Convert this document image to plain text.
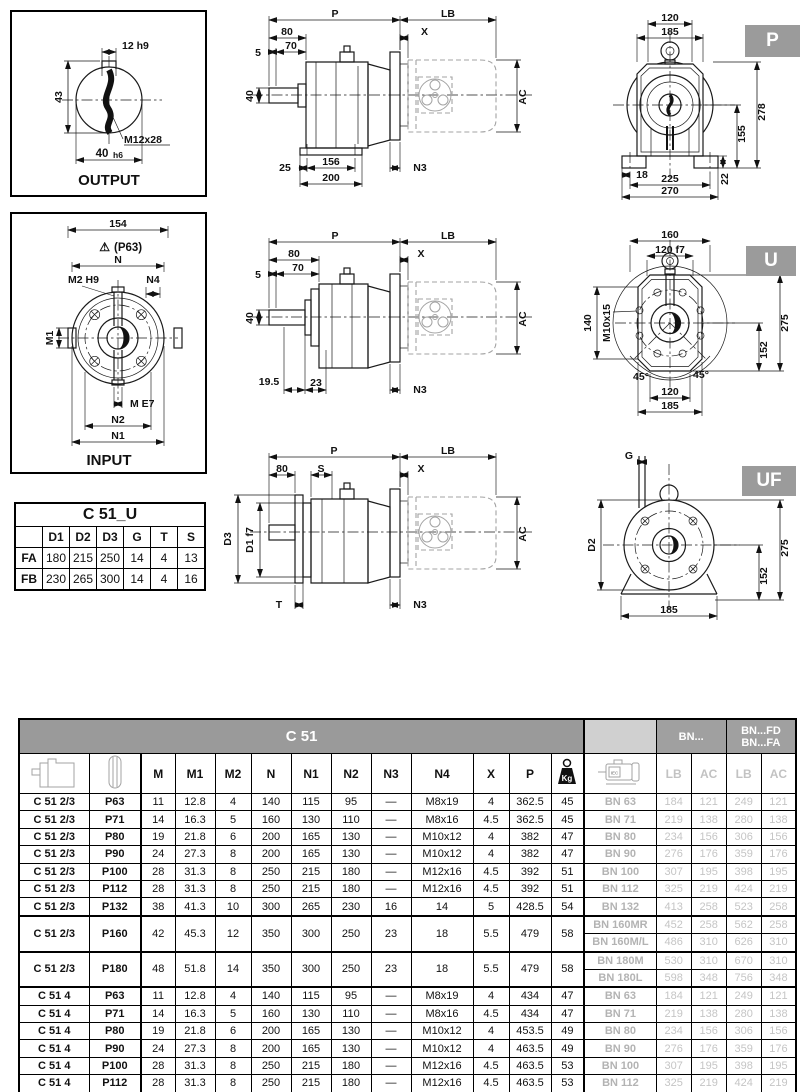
12 h9
43
M12x28
40 h6
OUTPUT
154
⚠ (P63)
N
M1
M2 H9	N4
M E7
N2
N1
INPUT
C 51_U						
	D1	D2	D3	G	T	S
FA	180	215	250	14	4	13
FB	230	265	300	14	4	16
P	LB
X
80
70
5
40	AC
25	156
200
N3
P	LB
X
80
70
5
40	AC
19.5	23
N3
P	LB
X
80	S
D1 f7
D3	AC
T	N3
120
185
278
155
22
18 225
270
160
120 f7
140 M10x15	275
152
45°	45°
120
185
G
D2	275
152
185
P
U
UF
C 51														BN...		BN...FD
BN...FA	

		M	M1	M2	N	N1	N2	N3	N4	X	P	Kg	IEC	LB	AC	LB	AC
C 51 2/3	P63	11	12.8	4	140	115	95	—	M8x19	4	362.5	45	BN 63	184	121	249	121
C 51 2/3	P71	14	16.3	5	160	130	110	—	M8x16	4.5	362.5	45	BN 71	219	138	280	138
C 51 2/3	P80	19	21.8	6	200	165	130	—	M10x12	4	382	47	BN 80	234	156	306	156
C 51 2/3	P90	24	27.3	8	200	165	130	—	M10x12	4	382	47	BN 90	276	176	359	176
C 51 2/3	P100	28	31.3	8	250	215	180	—	M12x16	4.5	392	51	BN 100	307	195	398	195
C 51 2/3	P112	28	31.3	8	250	215	180	—	M12x16	4.5	392	51	BN 112	325	219	424	219
C 51 2/3	P132	38	41.3	10	300	265	230	16	14	5	428.5	54	BN 132	413	258	523	258
C 51 2/3	P160	42	45.3	12	350	300	250	23	18	5.5	479	58	BN 160MR	452	258	562	258
													BN 160M/L	486	310	626	310
C 51 2/3	P180	48	51.8	14	350	300	250	23	18	5.5	479	58	BN 180M	530	310	670	310
													BN 180L	598	348	756	348
C 51 4	P63	11	12.8	4	140	115	95	—	M8x19	4	434	47	BN 63	184	121	249	121
C 51 4	P71	14	16.3	5	160	130	110	—	M8x16	4.5	434	47	BN 71	219	138	280	138
C 51 4	P80	19	21.8	6	200	165	130	—	M10x12	4	453.5	49	BN 80	234	156	306	156
C 51 4	P90	24	27.3	8	200	165	130	—	M10x12	4	463.5	49	BN 90	276	176	359	176
C 51 4	P100	28	31.3	8	250	215	180	—	M12x16	4.5	463.5	53	BN 100	307	195	398	195
C 51 4	P112	28	31.3	8	250	215	180	—	M12x16	4.5	463.5	53	BN 112	325	219	424	219
